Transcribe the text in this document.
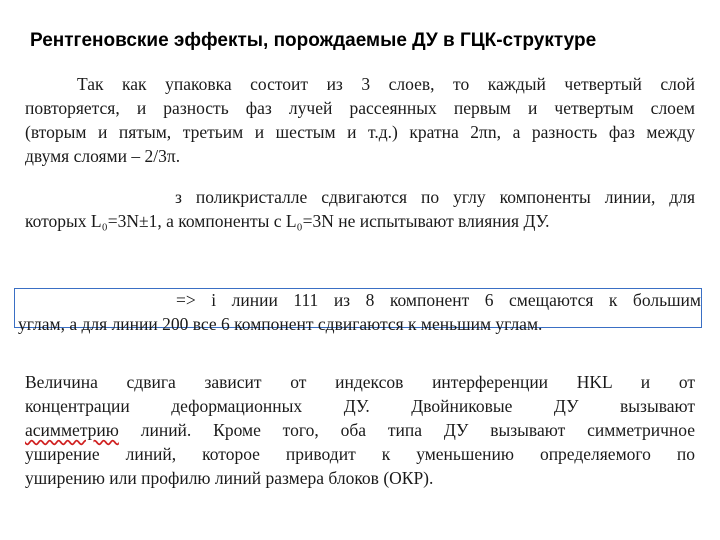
Рентгеновские эффекты, порождаемые ДУ в ГЦК-структуре
Так как упаковка состоит из 3 слоев, то каждый четвертый слой
повторяется, и разность фаз лучей рассеянных первым и четвертым слоем
(вторым и пятым, третьим и шестым и т.д.) кратна 2πn, а разность фаз между
двумя слоями – 2/3π.
з поликристалле сдвигаются по углу компоненты линии, для
которых L₀=3N±1, а компоненты с L₀=3N не испытывают влияния ДУ.
=> i линии 111 из 8 компонент 6 смещаются к большим
углам, а для линии 200 все 6 компонент сдвигаются к меньшим углам.
Величина сдвига зависит от индексов интерференции HKL и от
концентрации деформационных ДУ. Двойниковые ДУ вызывают
асимметрию линий. Кроме того, оба типа ДУ вызывают симметричное
уширение линий, которое приводит к уменьшению определяемого по
уширению или профилю линий размера блоков (ОКР).
